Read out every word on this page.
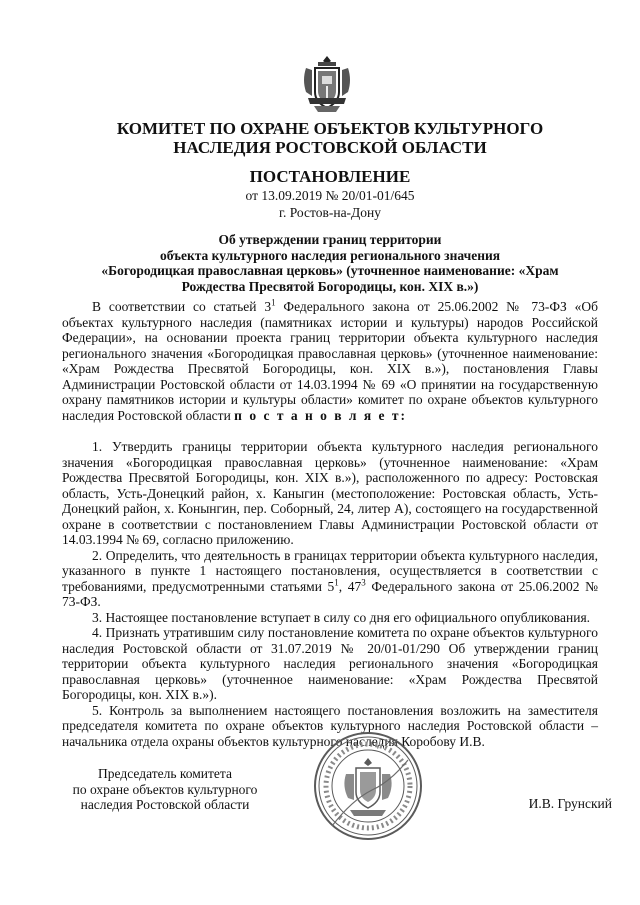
КОМИТЕТ ПО ОХРАНЕ ОБЪЕКТОВ КУЛЬТУРНОГО
НАСЛЕДИЯ РОСТОВСКОЙ ОБЛАСТИ
ПОСТАНОВЛЕНИЕ
от 13.09.2019 № 20/01-01/645
г. Ростов-на-Дону
Об утверждении границ территории
объекта культурного наследия регионального значения
«Богородицкая православная церковь» (уточненное наименование: «Храм
Рождества Пресвятой Богородицы, кон. XIX в.»)

В соответствии со статьей $3^1$ Федерального закона от 25.06.2002 № 73-ФЗ «Об объектах культурного наследия (памятниках истории и культуры) народов Российской Федерации», на основании проекта границ территории объекта культурного наследия регионального значения «Богородицкая православная церковь» (уточненное наименование: «Храм Рождества Пресвятой Богородицы, кон. XIX в.»), постановления Главы Администрации Ростовской области от 14.03.1994 № 69 «О принятии на государственную охрану памятников истории и культуры области» комитет по охране объектов культурного наследия Ростовской области п о с т а н о в л я е т:

1. Утвердить границы территории объекта культурного наследия регионального значения «Богородицкая православная церковь» (уточненное наименование: «Храм Рождества Пресвятой Богородицы, кон. XIX в.»), расположенного по адресу: Ростовская область, Усть-Донецкий район, х. Каныгин (местоположение: Ростовская область, Усть-Донецкий район, х. Конынгин, пер. Соборный, 24, литер А), состоящего на государственной охране в соответствии с постановлением Главы Администрации Ростовской области от 14.03.1994 № 69, согласно приложению.

2. Определить, что деятельность в границах территории объекта культурного наследия, указанного в пункте 1 настоящего постановления, осуществляется в соответствии с требованиями, предусмотренными статьями $5^1$, $47^3$ Федерального закона от 25.06.2002 № 73-ФЗ.

3. Настоящее постановление вступает в силу со дня его официального опубликования.

4. Признать утратившим силу постановление комитета по охране объектов культурного наследия Ростовской области от 31.07.2019 № 20/01-01/290 Об утверждении границ территории объекта культурного наследия регионального значения «Богородицкая православная церковь» (уточненное наименование: «Храм Рождества Пресвятой Богородицы, кон. XIX в.»).

5. Контроль за выполнением настоящего постановления возложить на заместителя председателя комитета по охране объектов культурного наследия Ростовской области – начальника отдела охраны объектов культурного наследия Коробову И.В.

Председатель комитета
по охране объектов культурного
наследия Ростовской области	И.В. Грунский
